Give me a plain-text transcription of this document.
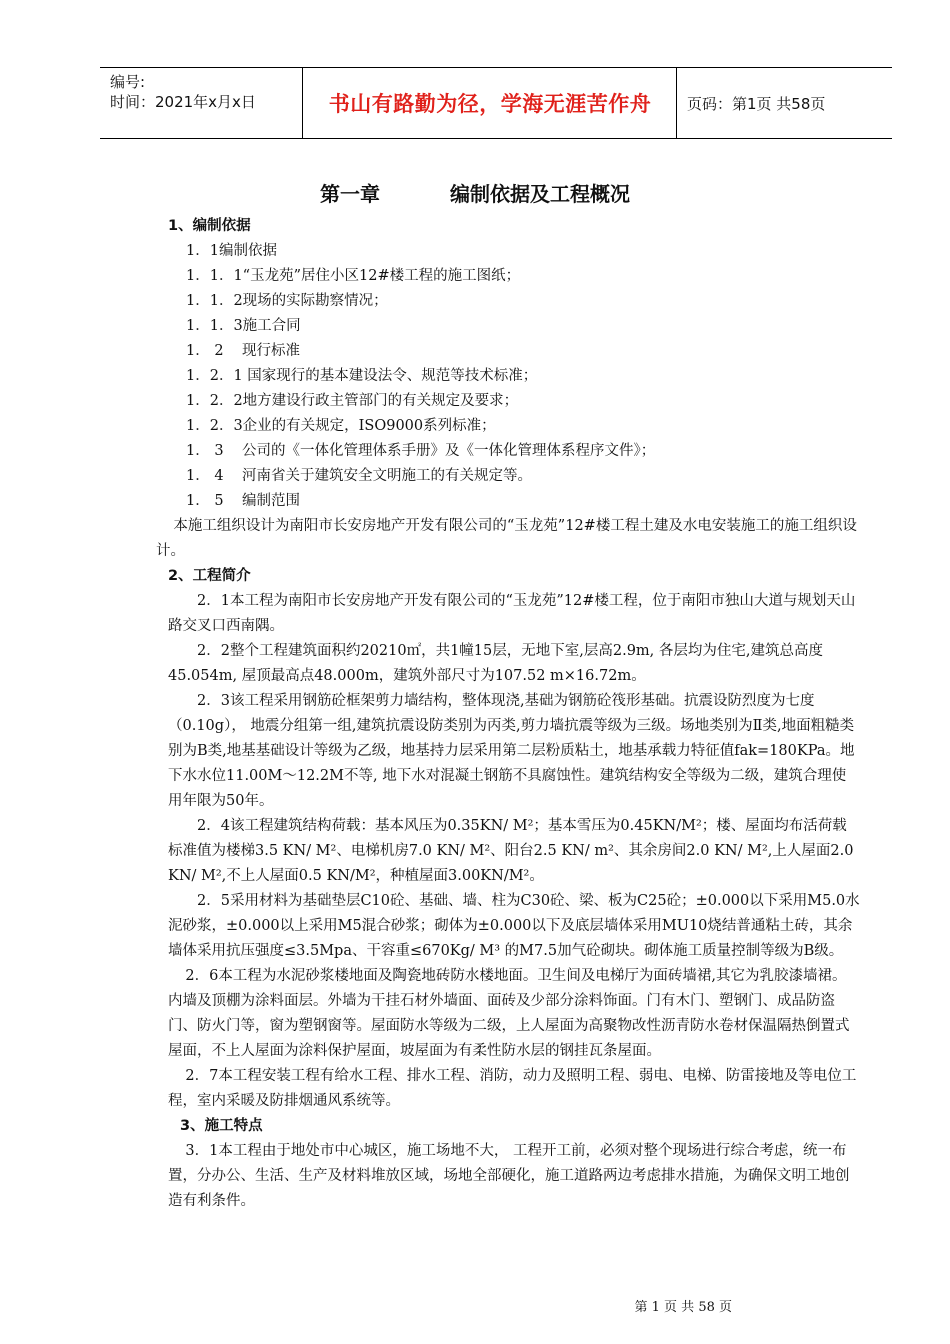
编号:
时间：2021年x月x日	书山有路勤为径，学海无涯苦作舟	页码：第1页 共58页
第一章	编制依据及工程概况

1、编制依据

1．1编制依据

1．1．1“玉龙苑”居住小区12#楼工程的施工图纸；

1．1．2现场的实际勘察情况；

1．1．3施工合同

1． 2    现行标准

1．2．1 国家现行的基本建设法令、规范等技术标准；

1．2．2地方建设行政主管部门的有关规定及要求；

1．2．3企业的有关规定，ISO9000系列标准；

1． 3    公司的《一体化管理体系手册》及《一体化管理体系程序文件》；

1． 4    河南省关于建筑安全文明施工的有关规定等。

1． 5    编制范围

本施工组织设计为南阳市长安房地产开发有限公司的“玉龙苑”12#楼工程土建及水电安装施工的施工组织设计。

2、工程简介

2．1本工程为南阳市长安房地产开发有限公司的“玉龙苑”12#楼工程，位于南阳市独山大道与规划天山路交叉口西南隅。

2．2整个工程建筑面积约20210㎡，共1幢15层，无地下室,层高2.9m, 各层均为住宅,建筑总高度45.054m, 屋顶最高点48.000m，建筑外部尺寸为107.52 m×16.72m。

2．3该工程采用钢筋砼框架剪力墙结构，整体现浇,基础为钢筋砼筏形基础。抗震设防烈度为七度（0.10g）， 地震分组第一组,建筑抗震设防类别为丙类,剪力墙抗震等级为三级。场地类别为Ⅱ类,地面粗糙类别为B类,地基基础设计等级为乙级，地基持力层采用第二层粉质粘土，地基承载力特征值fak=180KPa。地下水水位11.00M～12.2M不等, 地下水对混凝土钢筋不具腐蚀性。建筑结构安全等级为二级，建筑合理使用年限为50年。

2．4该工程建筑结构荷载：基本风压为0.35KN/ M²；基本雪压为0.45KN/M²；楼、屋面均布活荷载标准值为楼梯3.5 KN/ M²、电梯机房7.0 KN/ M²、阳台2.5 KN/ m²、其余房间2.0 KN/ M²,上人屋面2.0 KN/ M²,不上人屋面0.5 KN/M²，种植屋面3.00KN/M²。

2．5采用材料为基础垫层C10砼、基础、墙、柱为C30砼、梁、板为C25砼；±0.000以下采用M5.0水泥砂浆，±0.000以上采用M5混合砂浆；砌体为±0.000以下及底层墙体采用MU10烧结普通粘土砖，其余墙体采用抗压强度≤3.5Mpa、干容重≤670Kg/ M³ 的M7.5加气砼砌块。砌体施工质量控制等级为B级。

2．6本工程为水泥砂浆楼地面及陶瓷地砖防水楼地面。卫生间及电梯厅为面砖墙裙,其它为乳胶漆墙裙。内墙及顶棚为涂料面层。外墙为干挂石材外墙面、面砖及少部分涂料饰面。门有木门、塑钢门、成品防盗门、防火门等，窗为塑钢窗等。屋面防水等级为二级，上人屋面为高聚物改性沥青防水卷材保温隔热倒置式屋面，不上人屋面为涂料保护屋面，坡屋面为有柔性防水层的钢挂瓦条屋面。

2．7本工程安装工程有给水工程、排水工程、消防，动力及照明工程、弱电、电梯、防雷接地及等电位工程，室内采暖及防排烟通风系统等。

3、施工特点

3．1本工程由于地处市中心城区，施工场地不大， 工程开工前，必须对整个现场进行综合考虑，统一布置，分办公、生活、生产及材料堆放区域，场地全部硬化，施工道路两边考虑排水措施，为确保文明工地创造有利条件。

第 1 页 共 58 页
